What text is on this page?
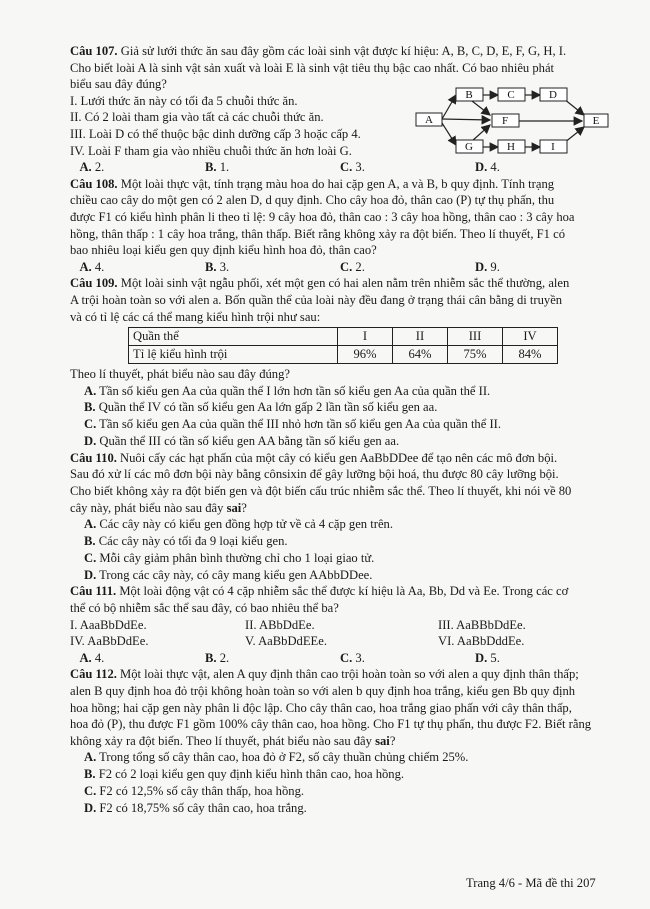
Câu 107. Giả sử lưới thức ăn sau đây gồm các loài sinh vật được kí hiệu: A, B, C, D, E, F, G, H, I.
Cho biết loài A là sinh vật sản xuất và loài E là sinh vật tiêu thụ bậc cao nhất. Có bao nhiêu phát
biểu sau đây đúng?
I. Lưới thức ăn này có tối đa 5 chuỗi thức ăn.
II. Có 2 loài tham gia vào tất cả các chuỗi thức ăn.
III. Loài D có thể thuộc bậc dinh dưỡng cấp 3 hoặc cấp 4.
IV. Loài F tham gia vào nhiều chuỗi thức ăn hơn loài G.
A. 2.	B. 1.	C. 3.	D. 4.
Câu 108. Một loài thực vật, tính trạng màu hoa do hai cặp gen A, a và B, b quy định. Tính trạng
chiều cao cây do một gen có 2 alen D, d quy định. Cho cây hoa đỏ, thân cao (P) tự thụ phấn, thu
được F1 có kiểu hình phân li theo tỉ lệ: 9 cây hoa đỏ, thân cao : 3 cây hoa hồng, thân cao : 3 cây hoa
hồng, thân thấp : 1 cây hoa trắng, thân thấp. Biết rằng không xảy ra đột biến. Theo lí thuyết, F1 có
bao nhiêu loại kiểu gen quy định kiểu hình hoa đỏ, thân cao?
A. 4.	B. 3.	C. 2.	D. 9.
Câu 109. Một loài sinh vật ngẫu phối, xét một gen có hai alen nằm trên nhiễm sắc thể thường, alen
A trội hoàn toàn so với alen a. Bốn quần thể của loài này đều đang ở trạng thái cân bằng di truyền
và có tỉ lệ các cá thể mang kiểu hình trội như sau:
Quần thể	I	II	III	IV
Tỉ lệ kiểu hình trội	96%	64%	75%	84%
Theo lí thuyết, phát biểu nào sau đây đúng?
A. Tần số kiểu gen Aa của quần thể I lớn hơn tần số kiểu gen Aa của quần thể II.
B. Quần thể IV có tần số kiểu gen Aa lớn gấp 2 lần tần số kiểu gen aa.
C. Tần số kiểu gen Aa của quần thể III nhỏ hơn tần số kiểu gen Aa của quần thể II.
D. Quần thể III có tần số kiểu gen AA bằng tần số kiểu gen aa.
Câu 110. Nuôi cấy các hạt phấn của một cây có kiểu gen AaBbDDee để tạo nên các mô đơn bội.
Sau đó xử lí các mô đơn bội này bằng cônsixin để gây lưỡng bội hoá, thu được 80 cây lưỡng bội.
Cho biết không xảy ra đột biến gen và đột biến cấu trúc nhiễm sắc thể. Theo lí thuyết, khi nói về 80
cây này, phát biểu nào sau đây sai?
A. Các cây này có kiểu gen đồng hợp tử về cả 4 cặp gen trên.
B. Các cây này có tối đa 9 loại kiểu gen.
C. Mỗi cây giảm phân bình thường chỉ cho 1 loại giao tử.
D. Trong các cây này, có cây mang kiểu gen AAbbDDee.
Câu 111. Một loài động vật có 4 cặp nhiễm sắc thể được kí hiệu là Aa, Bb, Dd và Ee. Trong các cơ
thể có bộ nhiễm sắc thể sau đây, có bao nhiêu thể ba?
I. AaaBbDdEe.	II. ABbDdEe.	III. AaBBbDdEe.
IV. AaBbDdEe.	V. AaBbDdEEe.	VI. AaBbDddEe.
A. 4.	B. 2.	C. 3.	D. 5.
Câu 112. Một loài thực vật, alen A quy định thân cao trội hoàn toàn so với alen a quy định thân thấp;
alen B quy định hoa đỏ trội không hoàn toàn so với alen b quy định hoa trắng, kiểu gen Bb quy định
hoa hồng; hai cặp gen này phân li độc lập. Cho cây thân cao, hoa trắng giao phấn với cây thân thấp,
hoa đỏ (P), thu được F1 gồm 100% cây thân cao, hoa hồng. Cho F1 tự thụ phấn, thu được F2. Biết rằng
không xảy ra đột biến. Theo lí thuyết, phát biểu nào sau đây sai?
A. Trong tổng số cây thân cao, hoa đỏ ở F2, số cây thuần chủng chiếm 25%.
B. F2 có 2 loại kiểu gen quy định kiểu hình thân cao, hoa hồng.
C. F2 có 12,5% số cây thân thấp, hoa hồng.
D. F2 có 18,75% số cây thân cao, hoa trắng.
A
B	C	D
F	E
G	H	I
Trang 4/6 - Mã đề thi 207
